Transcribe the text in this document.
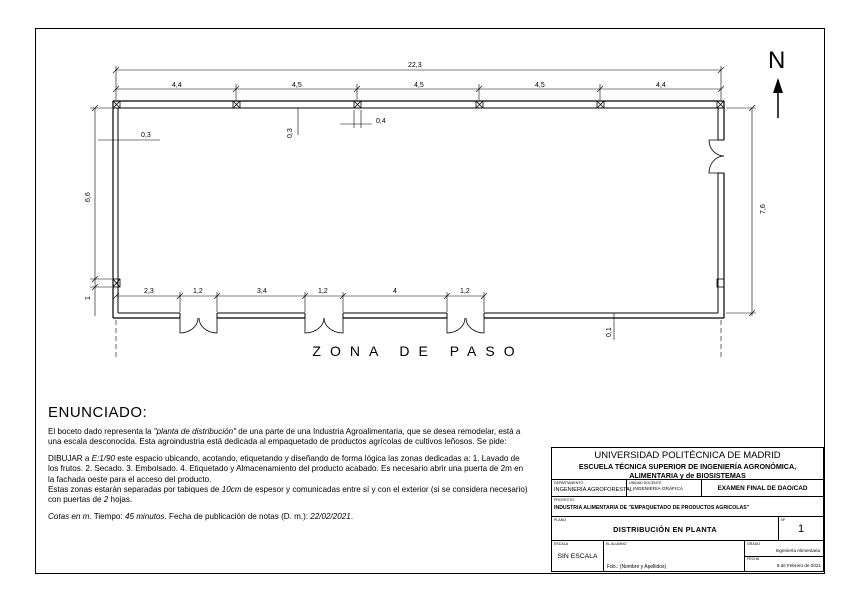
N
22,3
4,4	4,5	4,5	4,5	4,4
0,3	0,3
0,4
6,6
1
7,6
2,3	1,2	3,4	1,2	4	1,2
0,1
ZONA DE PASO
ENUNCIADO:

El boceto dado representa la "planta de distribución" de una parte de una Industria Agroalimentaria, que se desea remodelar, está a una escala desconocida. Esta agroindustria está dedicada al empaquetado de productos agrícolas de cultivos leñosos. Se pide:

DIBUJAR a E:1/90 este espacio ubicando, acotando, etiquetando y diseñando de forma lógica las zonas dedicadas a: 1. Lavado de los frutos. 2. Secado. 3. Embolsado. 4. Etiquetado y Almacenamiento del producto acabado. Es necesario abrir una puerta de 2m en la fachada oeste para el acceso del producto.

Estas zonas estarán separadas por tabiques de 10cm de espesor y comunicadas entre sí y con el exterior (si se considera necesario) con puertas de 2 hojas.

Cotas en m. Tiempo: 45 minutos. Fecha de publicación de notas (D. m.): 22/02/2021.

UNIVERSIDAD POLITÉCNICA DE MADRID
ESCUELA TÉCNICA SUPERIOR DE INGENIERÍA AGRONÓMICA,
ALIMENTARIA y de BIOSISTEMAS
DEPARTAMENTO
INGENIERÍA AGROFORESTAL
UNIDAD DOCENTE
INGENIERÍA GRÁFICA	EXAMEN FINAL DE DAO/CAD
PROYECTO
INDUSTRIA ALIMENTARIA DE "EMPAQUETADO DE PRODUCTOS AGRÍCOLAS"
PLANO
DISTRIBUCIÓN EN PLANTA
Nº
1
ESCALA
SIN ESCALA
EL ALUMNO
Fdo.: (Nombre y Apellidos)
GRADO
Ingeniería Alimentaria
FECHA
9 de Febrero de 2021
